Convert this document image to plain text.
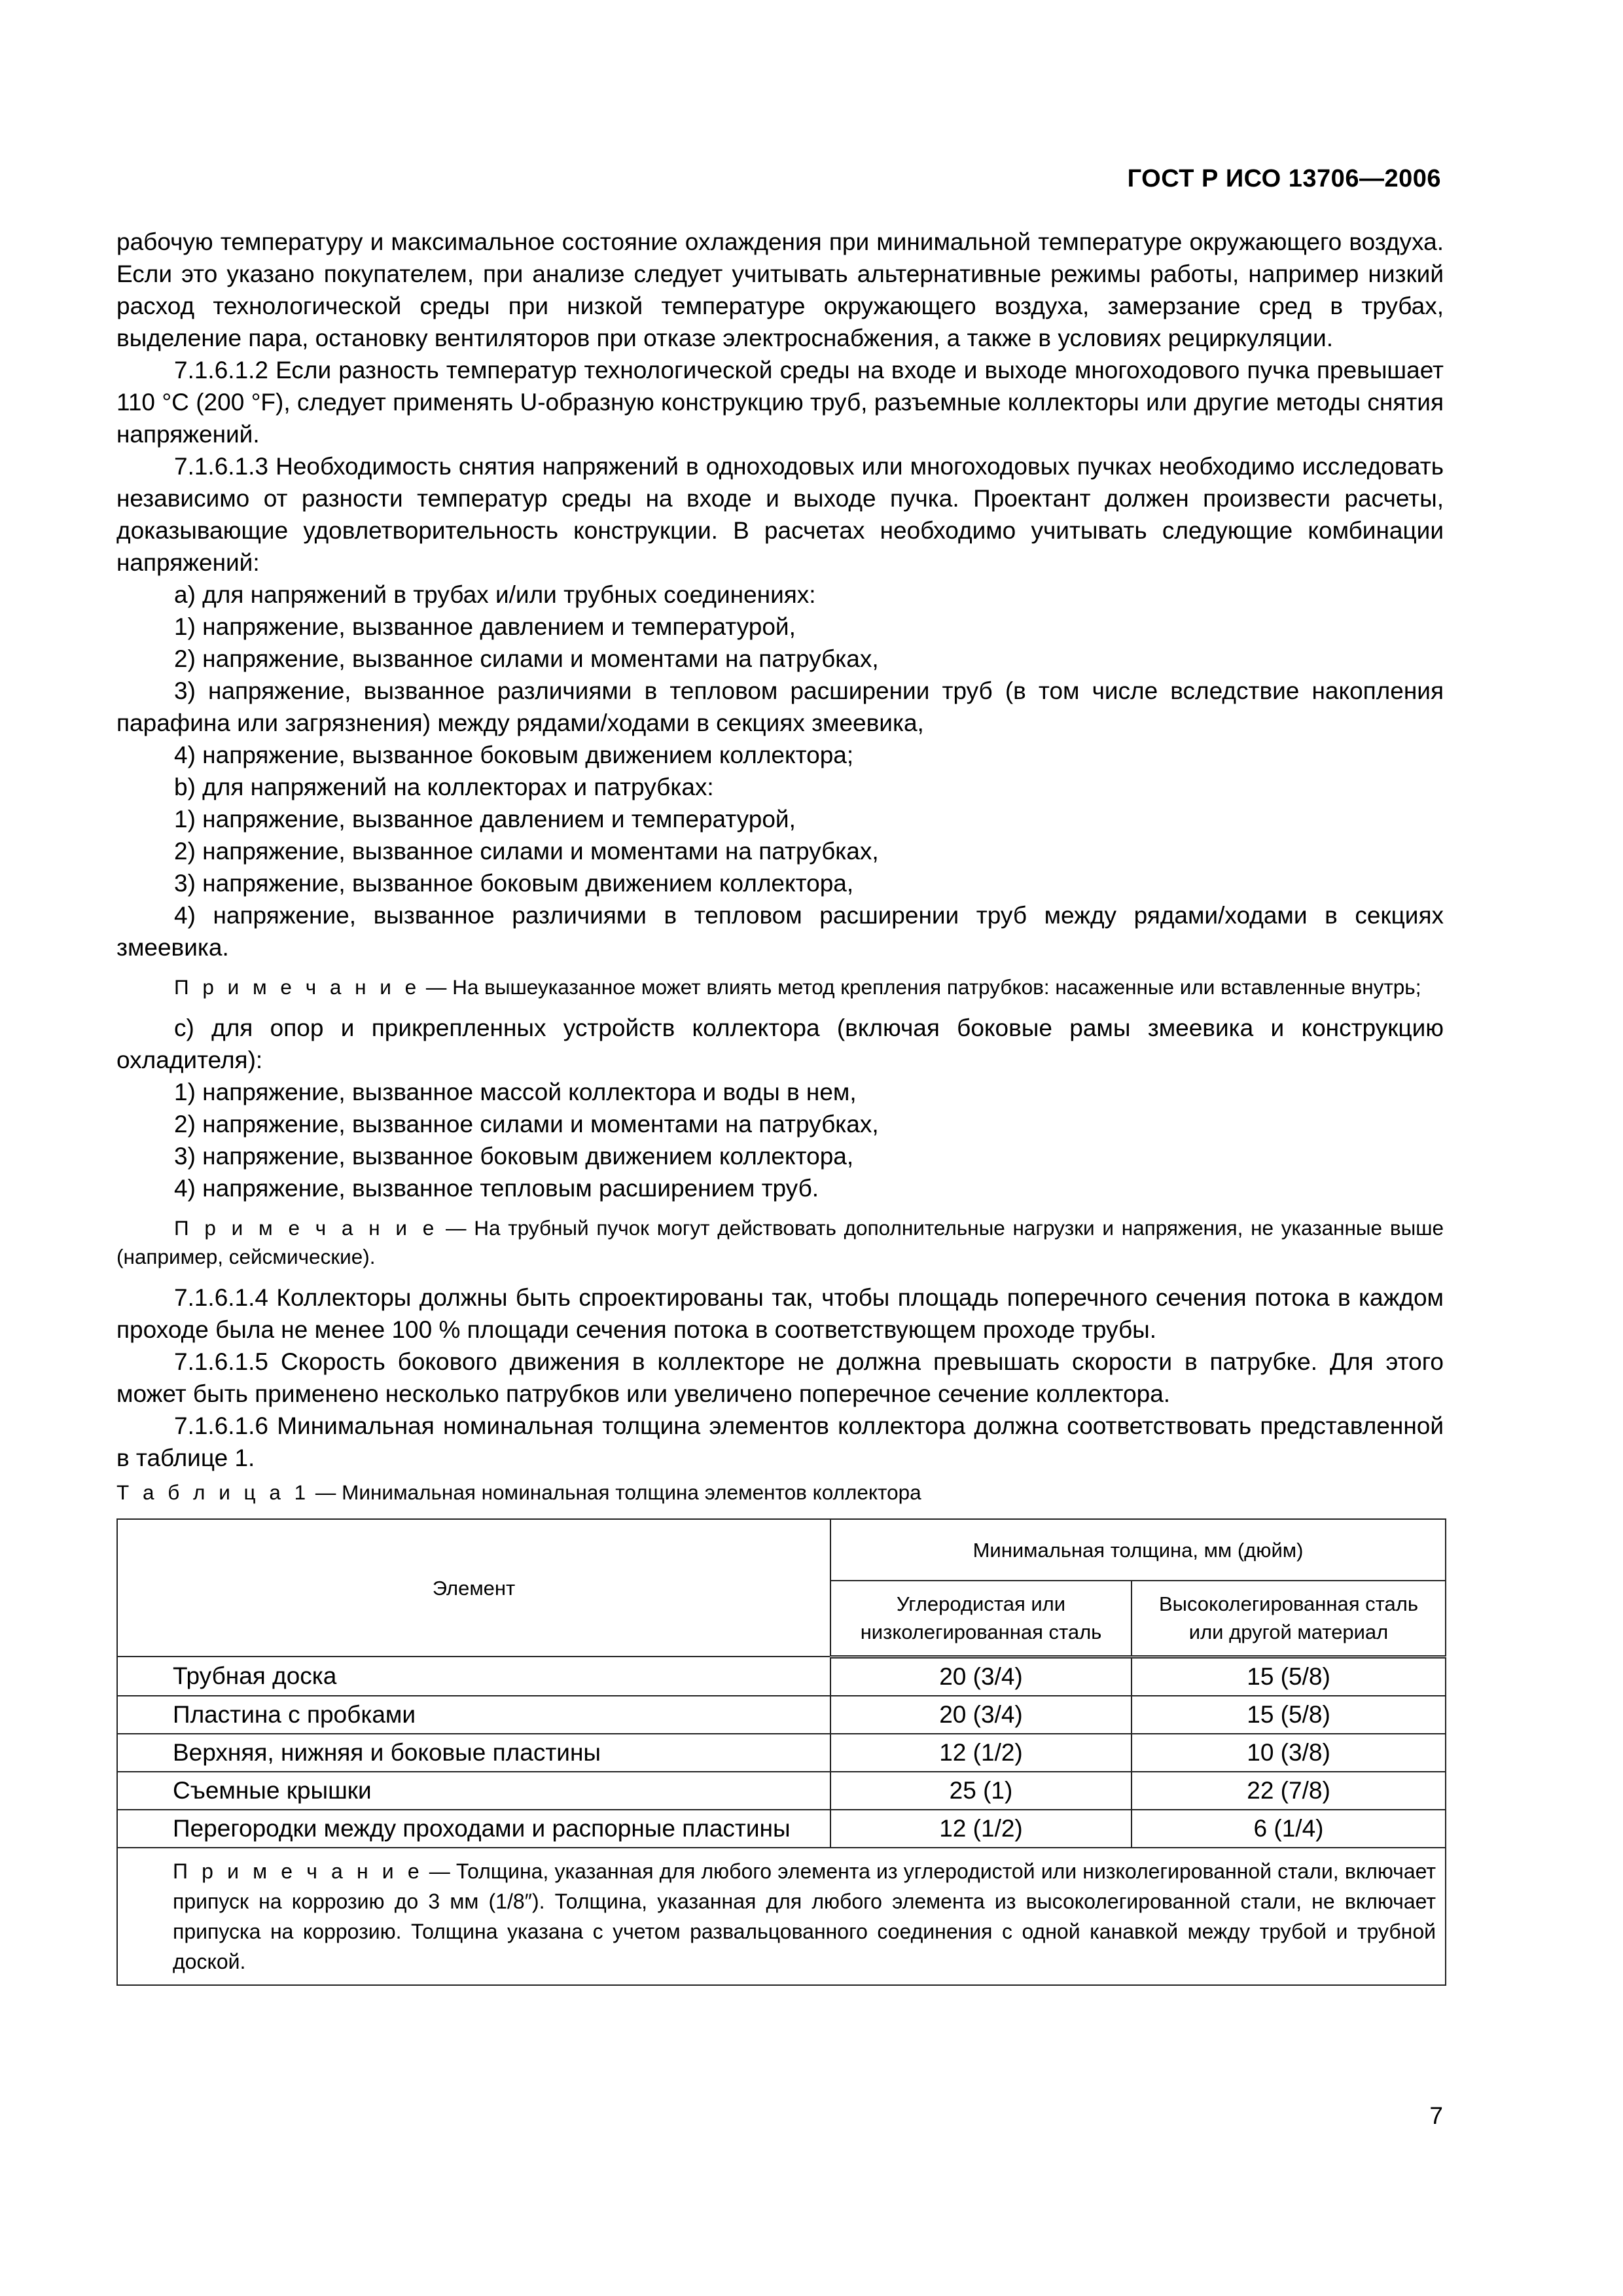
ГОСТ Р ИСО 13706—2006

рабочую температуру и максимальное состояние охлаждения при минимальной температуре окружающего воздуха. Если это указано покупателем, при анализе следует учитывать альтернативные режимы работы, например низкий расход технологической среды при низкой температуре окружающего воздуха, замерзание сред в трубах, выделение пара, остановку вентиляторов при отказе электроснабжения, а также в условиях рециркуляции.

7.1.6.1.2 Если разность температур технологической среды на входе и выходе многоходового пучка превышает 110 °C (200 °F), следует применять U-образную конструкцию труб, разъемные коллекторы или другие методы снятия напряжений.

7.1.6.1.3 Необходимость снятия напряжений в одноходовых или многоходовых пучках необходимо исследовать независимо от разности температур среды на входе и выходе пучка. Проектант должен произвести расчеты, доказывающие удовлетворительность конструкции. В расчетах необходимо учитывать следующие комбинации напряжений:

а) для напряжений в трубах и/или трубных соединениях:

1) напряжение, вызванное давлением и температурой,

2) напряжение, вызванное силами и моментами на патрубках,

3) напряжение, вызванное различиями в тепловом расширении труб (в том числе вследствие накопления парафина или загрязнения) между рядами/ходами в секциях змеевика,

4) напряжение, вызванное боковым движением коллектора;

b) для напряжений на коллекторах и патрубках:

1) напряжение, вызванное давлением и температурой,

2) напряжение, вызванное силами и моментами на патрубках,

3) напряжение, вызванное боковым движением коллектора,

4) напряжение, вызванное различиями в тепловом расширении труб между рядами/ходами в секциях змеевика.

П р и м е ч а н и е — На вышеуказанное может влиять метод крепления патрубков: насаженные или вставленные внутрь;

с) для опор и прикрепленных устройств коллектора (включая боковые рамы змеевика и конструкцию охладителя):

1) напряжение, вызванное массой коллектора и воды в нем,

2) напряжение, вызванное силами и моментами на патрубках,

3) напряжение, вызванное боковым движением коллектора,

4) напряжение, вызванное тепловым расширением труб.

П р и м е ч а н и е — На трубный пучок могут действовать дополнительные нагрузки и напряжения, не указанные выше (например, сейсмические).

7.1.6.1.4 Коллекторы должны быть спроектированы так, чтобы площадь поперечного сечения потока в каждом проходе была не менее 100 % площади сечения потока в соответствующем проходе трубы.

7.1.6.1.5 Скорость бокового движения в коллекторе не должна превышать скорости в патрубке. Для этого может быть применено несколько патрубков или увеличено поперечное сечение коллектора.

7.1.6.1.6 Минимальная номинальная толщина элементов коллектора должна соответствовать представленной в таблице 1.

Т а б л и ц а 1 — Минимальная номинальная толщина элементов коллектора

Элемент	Минимальная толщина, мм (дюйм)	
	Углеродистая или низколегированная сталь	Высоколегированная сталь или другой материал
Трубная доска	20 (3/4)	15 (5/8)
Пластина с пробками	20 (3/4)	15 (5/8)
Верхняя, нижняя и боковые пластины	12 (1/2)	10 (3/8)
Съемные крышки	25 (1)	22 (7/8)
Перегородки между проходами и распорные пластины	12 (1/2)	6 (1/4)
П р и м е ч а н и е — Толщина, указанная для любого элемента из углеродистой или низколегированной стали, включает припуск на коррозию до 3 мм (1/8″). Толщина, указанная для любого элемента из высоколегированной стали, не включает припуска на коррозию. Толщина указана с учетом развальцованного соединения с одной канавкой между трубой и трубной доской.		
7
